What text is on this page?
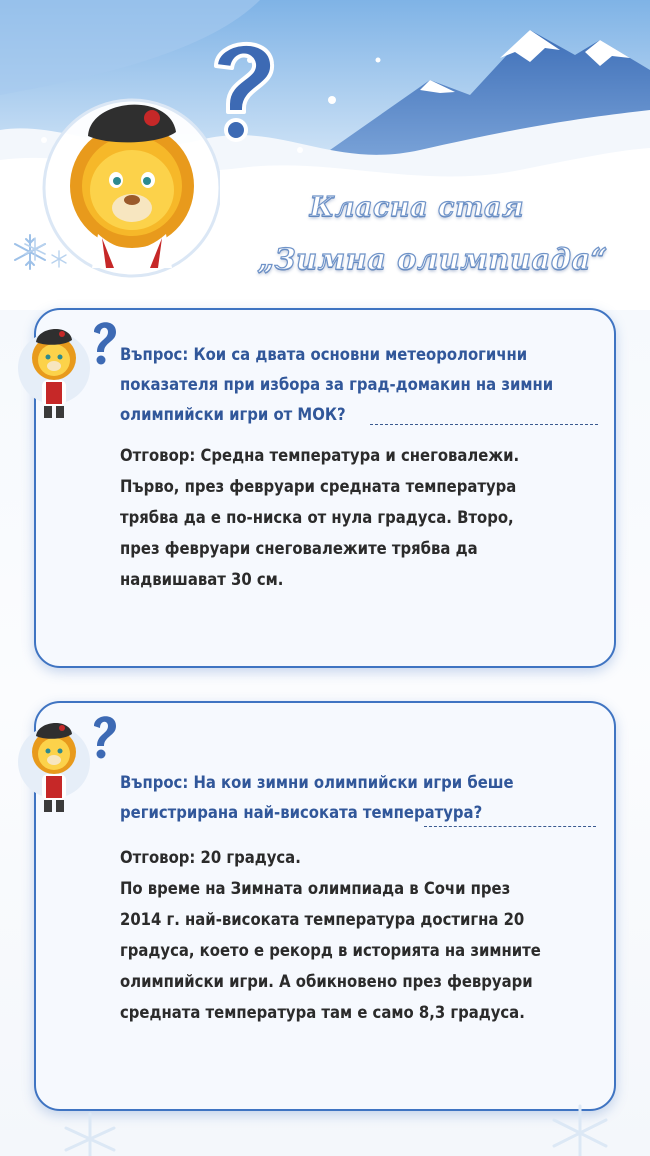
Класна стая
„Зимна олимпиада“
Въпрос: Кои са двата основни метеорологични
показателя при избора за град-домакин на зимни
олимпийски игри от МОК?
Отговор: Средна температура и снеговалежи.
Първо, през февруари средната температура
трябва да е по-ниска от нула градуса. Второ,
през февруари снеговалежите трябва да
надвишават 30 см.
Въпрос: На кои зимни олимпийски игри беше
регистрирана най-високата температура?
Отговор: 20 градуса.
По време на Зимната олимпиада в Сочи през
2014 г. най-високата температура достигна 20
градуса, което е рекорд в историята на зимните
олимпийски игри. А обикновено през февруари
средната температура там е само 8,3 градуса.
